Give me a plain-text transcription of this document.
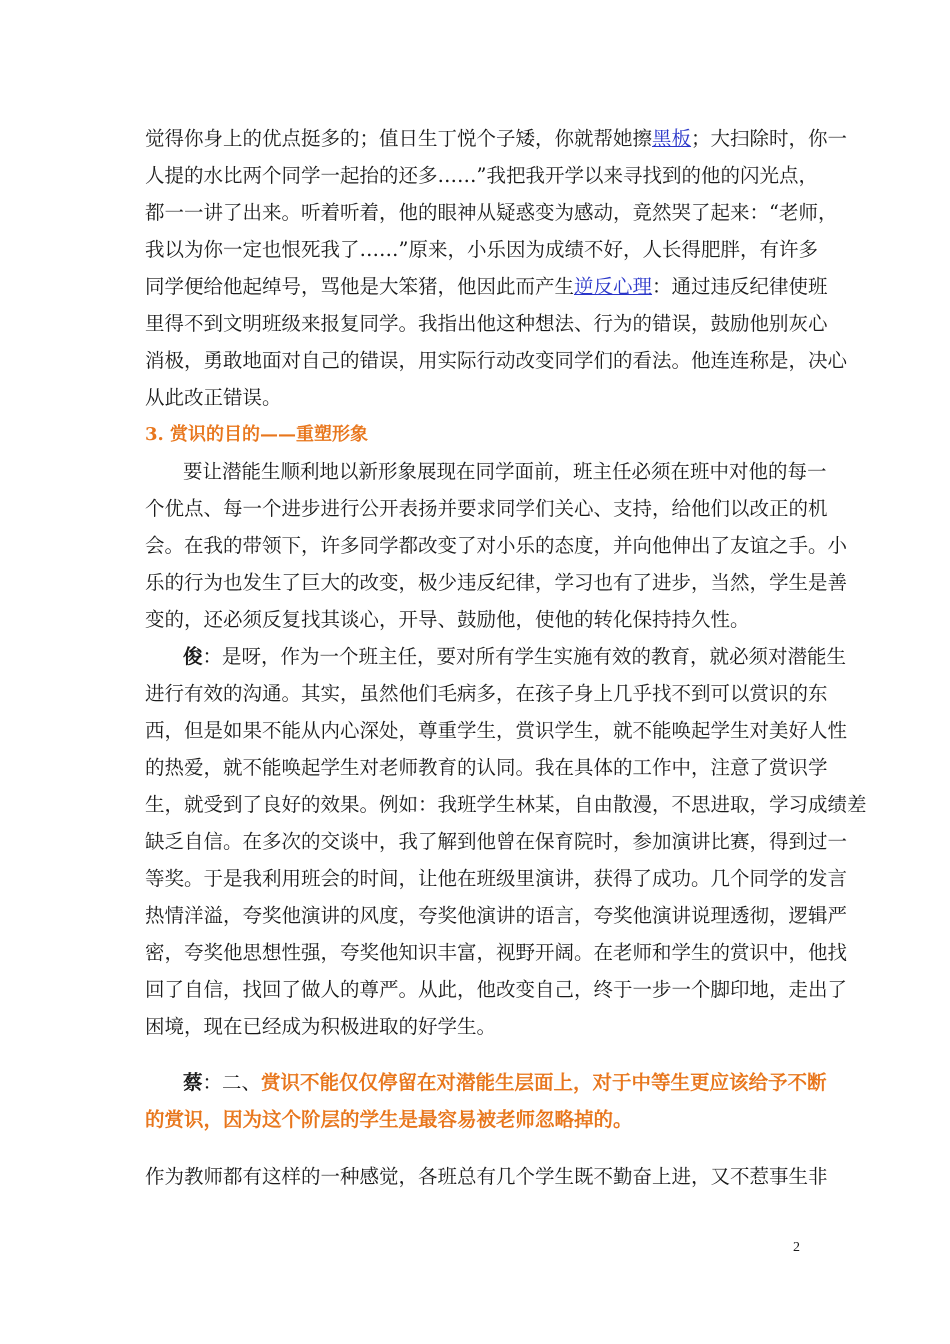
觉得你身上的优点挺多的；值日生丁悦个子矮，你就帮她擦黑板；大扫除时，你一
人提的水比两个同学一起抬的还多……”我把我开学以来寻找到的他的闪光点，
都一一讲了出来。听着听着，他的眼神从疑惑变为感动，竟然哭了起来：“老师，
我以为你一定也恨死我了……”原来，小乐因为成绩不好，人长得肥胖，有许多
同学便给他起绰号，骂他是大笨猪，他因此而产生逆反心理：通过违反纪律使班
里得不到文明班级来报复同学。我指出他这种想法、行为的错误，鼓励他别灰心
消极，勇敢地面对自己的错误，用实际行动改变同学们的看法。他连连称是，决心
从此改正错误。
3. 赏识的目的——重塑形象
要让潜能生顺利地以新形象展现在同学面前，班主任必须在班中对他的每一
个优点、每一个进步进行公开表扬并要求同学们关心、支持，给他们以改正的机
会。在我的带领下，许多同学都改变了对小乐的态度，并向他伸出了友谊之手。小
乐的行为也发生了巨大的改变，极少违反纪律，学习也有了进步，当然，学生是善
变的，还必须反复找其谈心，开导、鼓励他，使他的转化保持持久性。
俊：是呀，作为一个班主任，要对所有学生实施有效的教育，就必须对潜能生
进行有效的沟通。其实，虽然他们毛病多，在孩子身上几乎找不到可以赏识的东
西，但是如果不能从内心深处，尊重学生，赏识学生，就不能唤起学生对美好人性
的热爱，就不能唤起学生对老师教育的认同。我在具体的工作中，注意了赏识学
生，就受到了良好的效果。例如：我班学生林某，自由散漫，不思进取，学习成绩差
缺乏自信。在多次的交谈中，我了解到他曾在保育院时，参加演讲比赛，得到过一
等奖。于是我利用班会的时间，让他在班级里演讲，获得了成功。几个同学的发言
热情洋溢，夸奖他演讲的风度，夸奖他演讲的语言，夸奖他演讲说理透彻，逻辑严
密，夸奖他思想性强，夸奖他知识丰富，视野开阔。在老师和学生的赏识中，他找
回了自信，找回了做人的尊严。从此，他改变自己，终于一步一个脚印地，走出了
困境，现在已经成为积极进取的好学生。
蔡：二、赏识不能仅仅停留在对潜能生层面上，对于中等生更应该给予不断
的赏识，因为这个阶层的学生是最容易被老师忽略掉的。
作为教师都有这样的一种感觉，各班总有几个学生既不勤奋上进，又不惹事生非
2
